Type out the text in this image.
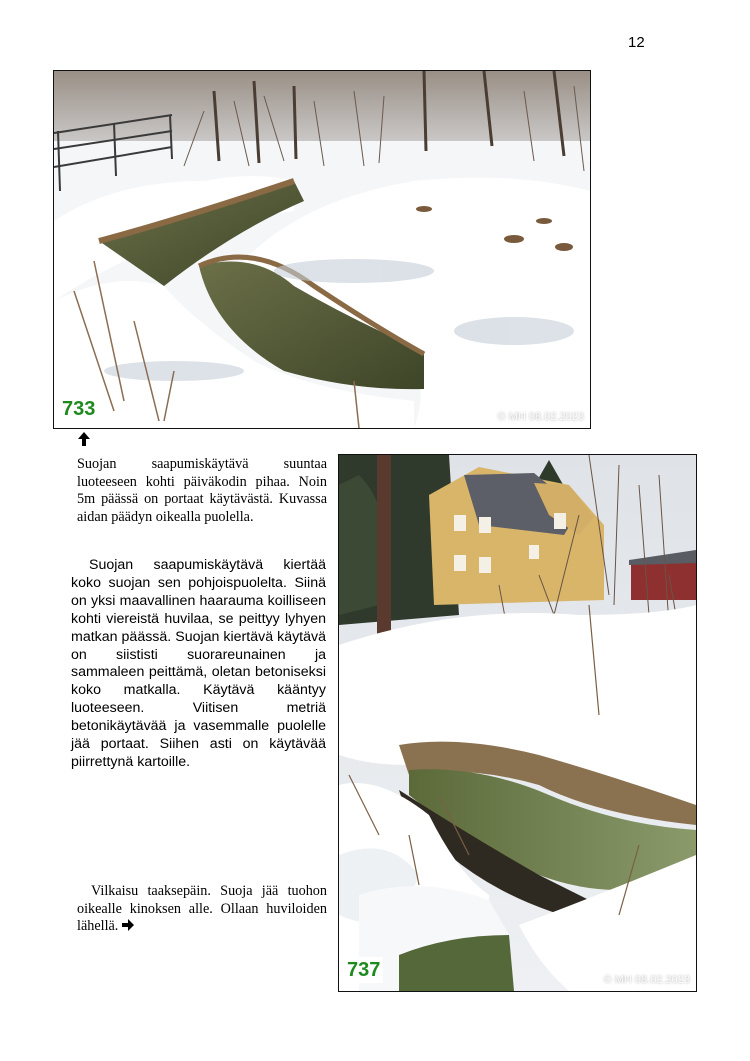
12
733	© MH 08.02.2023

Suojan saapumiskäytävä suuntaa luoteeseen kohti päiväkodin pihaa. Noin 5m päässä on portaat käytävästä. Kuvassa aidan päädyn oikealla puolella.

Suojan saapumiskäytävä kiertää koko suojan sen pohjoispuolelta. Siinä on yksi maavallinen haarauma koilliseen kohti viereistä huvilaa, se peittyy lyhyen matkan päässä. Suojan kiertävä käytävä on siististi suorareunainen ja sammaleen peittämä, oletan betoniseksi koko matkalla. Käytävä kääntyy luoteeseen. Viitisen metriä betonikäytävää ja vasemmalle puolelle jää portaat. Siihen asti on käytävää piirrettynä kartoille.

737	© MH 08.02.2023

Vilkaisu taaksepäin. Suoja jää tuohon oikealle kinoksen alle. Ollaan huviloiden lähellä.
